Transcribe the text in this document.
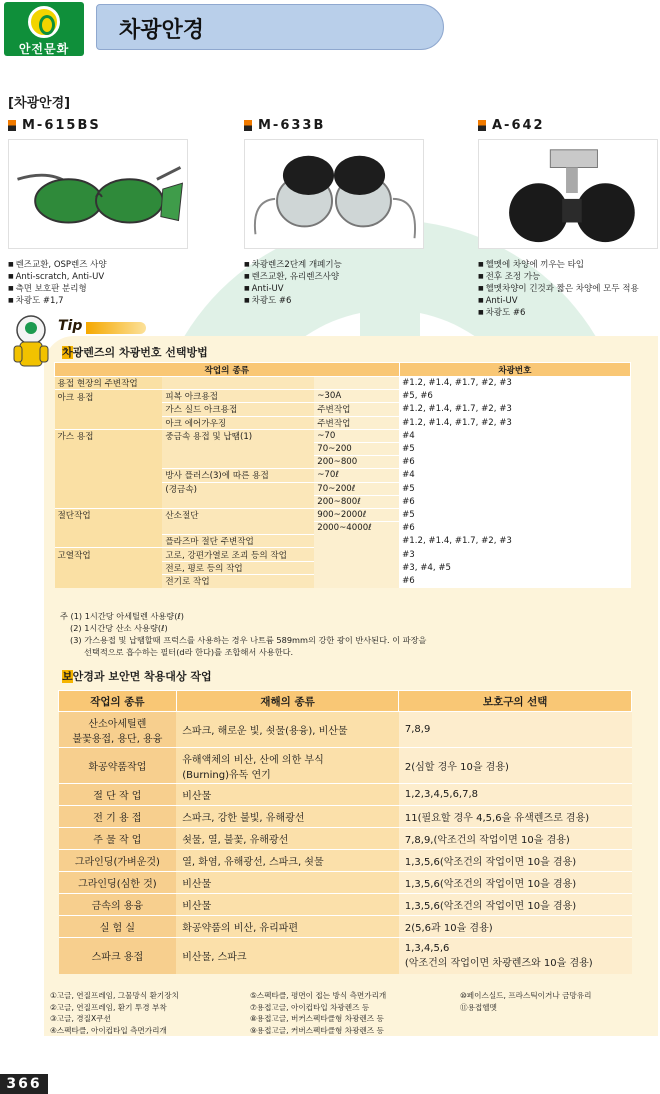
안전문화
차광안경
[차광안경]
M-615BS
■ 렌즈교환, OSP렌즈 사양
■ Anti-scratch, Anti-UV
■ 측면 보호판 분리형
■ 차광도 #1,7
M-633B
■ 차광렌즈2단계 개폐기능
■ 렌즈교환, 유리렌즈사양
■ Anti-UV
■ 차광도 #6
A-642
■ 헬멧에 차양에 끼우는 타입
■ 전후 조정 가능
■ 헬멧차양이 긴것과 짧은 차양에 모두 적용
■ Anti-UV
■ 차광도 #6
Tip
차광렌즈의 차광번호 선택방법
작업의 종류			차광번호
용접 현장의 주변작업			#1.2, #1.4, #1.7, #2, #3
아크 용접	피복 아크용접	~30A	#5, #6
	가스 실드 아크용접	주변작업	#1.2, #1.4, #1.7, #2, #3
	아크 에어가우징	주변작업	#1.2, #1.4, #1.7, #2, #3
가스 용접	중금속 용접 및 납땜(1)	~70	#4
		70~200	#5
		200~800	#6
	방사 플러스(3)에 따른 용접	~70ℓ	#4
	(경금속)	70~200ℓ	#5
		200~800ℓ	#6
절단작업	산소절단	900~2000ℓ	#5
		2000~4000ℓ	#6
	플라즈마 절단 주변작업		#1.2, #1.4, #1.7, #2, #3
고열작업	고로, 강편가열로 조괴 등의 작업		#3
	전로, 평로 등의 작업		#3, #4, #5
	전기로 작업		#6
주 (1) 1시간당 아세틸렌 사용량(ℓ)
(2) 1시간당 산소 사용량(ℓ)
(3) 가스용접 및 납땜할때 프럭스를 사용하는 경우 나트륨 589mm의 강한 광이 반사된다. 이 파장을
선택적으로 흡수하는 필터(d라 한다)를 조합해서 사용한다.
보안경과 보안면 착용대상 작업
작업의 종류	재해의 종류	보호구의 선택

산소아세틸렌
불꽃용접, 용단, 용융	스파크, 해로운 빛, 쇳물(용융), 비산물	7,8,9

화공약품작업	유해액체의 비산, 산에 의한 부식
(Burning)유독 연기	2(심할 경우 10을 겸용)

절 단 작 업	비산물	1,2,3,4,5,6,7,8

전 기 용 접	스파크, 강한 불빛, 유해광선	11(필요할 경우 4,5,6을 유색렌즈로 겸용)

주 물 작 업	쇳물, 열, 불꽃, 유해광선	7,8,9,(악조건의 작업이면 10을 겸용)

그라인딩(가벼운것)	열, 화염, 유해광선, 스파크, 쇳물	1,3,5,6(악조건의 작업이면 10을 겸용)

그라인딩(심한 것)	비산물	1,3,5,6(악조건의 작업이면 10을 겸용)

금속의 용융	비산물	1,3,5,6(악조건의 작업이면 10을 겸용)

실 험 실	화공약품의 비산, 유리파편	2(5,6과 10을 겸용)

스파크 용접	비산물, 스파크	1,3,4,5,6
(악조건의 작업이면 차광렌즈와 10을 겸용)
①고글, 연질프레임, 그물망식 환기장치
②고글, 연질프레임, 환기 투경 부착
③고글, 경질X쿠션
④스펙타클, 아이컵타입 측면가리개
⑤스펙타클, 평면이 접는 방식 측면가리개
⑦용접고글, 아이컵타입 차광렌즈 등
⑧용접고글, 버커스펙타클형 차광렌즈 등
⑨용접고글, 커버스펙타클형 차광렌즈 등
⑩페이스실드, 프라스틱이거나 금망유리
⑪용접헬멧
366
